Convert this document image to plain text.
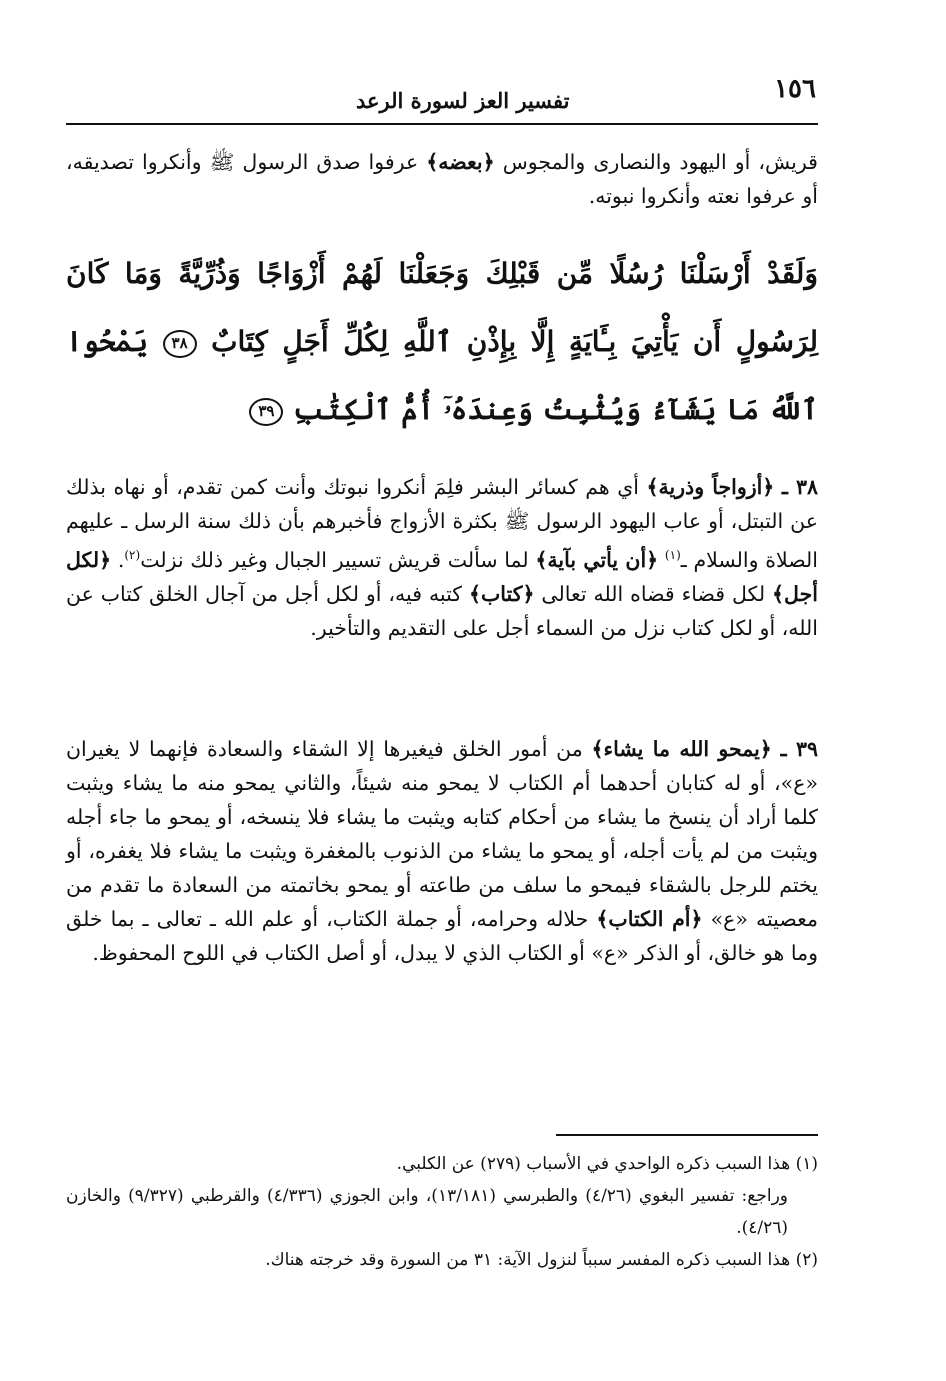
١٥٦
تفسير العز لسورة الرعد

قريش، أو اليهود والنصارى والمجوس ﴿بعضه﴾ عرفوا صدق الرسول ﷺ وأنكروا تصديقه، أو عرفوا نعته وأنكروا نبوته.

وَلَقَدْ أَرْسَلْنَا رُسُلًا مِّن قَبْلِكَ وَجَعَلْنَا لَهُمْ أَزْوَاجًا وَذُرِّيَّةً وَمَا كَانَ لِرَسُولٍ أَن يَأْتِيَ بِـَٔايَةٍ إِلَّا بِإِذْنِ ٱللَّهِ لِكُلِّ أَجَلٍ كِتَابٌ ٣٨ يَمْحُوا ٱللَّهُ مَا يَشَآءُ وَيُثْبِتُ وَعِندَهُۥٓ أُمُّ ٱلْكِتَٰبِ ٣٩

٣٨ ـ ﴿أزواجاً وذرية﴾ أي هم كسائر البشر فلِمَ أنكروا نبوتك وأنت كمن تقدم، أو نهاه بذلك عن التبتل، أو عاب اليهود الرسول ﷺ بكثرة الأزواج فأخبرهم بأن ذلك سنة الرسل ـ عليهم الصلاة والسلام ـ$^{(١)}$ ﴿أن يأتي بآية﴾ لما سألت قريش تسيير الجبال وغير ذلك نزلت$^{(٢)}$. ﴿لكل أجل﴾ لكل قضاء قضاه الله تعالى ﴿كتاب﴾ كتبه فيه، أو لكل أجل من آجال الخلق كتاب عن الله، أو لكل كتاب نزل من السماء أجل على التقديم والتأخير.

٣٩ ـ ﴿يمحو الله ما يشاء﴾ من أمور الخلق فيغيرها إلا الشقاء والسعادة فإنهما لا يغيران «ع»، أو له كتابان أحدهما أم الكتاب لا يمحو منه شيئاً، والثاني يمحو منه ما يشاء ويثبت كلما أراد أن ينسخ ما يشاء من أحكام كتابه ويثبت ما يشاء فلا ينسخه، أو يمحو ما جاء أجله ويثبت من لم يأت أجله، أو يمحو ما يشاء من الذنوب بالمغفرة ويثبت ما يشاء فلا يغفره، أو يختم للرجل بالشقاء فيمحو ما سلف من طاعته أو يمحو بخاتمته من السعادة ما تقدم من معصيته «ع» ﴿أم الكتاب﴾ حلاله وحرامه، أو جملة الكتاب، أو علم الله ـ تعالى ـ بما خلق وما هو خالق، أو الذكر «ع» أو الكتاب الذي لا يبدل، أو أصل الكتاب في اللوح المحفوظ.

(١) هذا السبب ذكره الواحدي في الأسباب (٢٧٩) عن الكلبي.

وراجع: تفسير البغوي (٤/٢٦) والطبرسي (١٣/١٨١)، وابن الجوزي (٤/٣٣٦) والقرطبي (٩/٣٢٧) والخازن (٤/٢٦).

(٢) هذا السبب ذكره المفسر سبباً لنزول الآية: ٣١ من السورة وقد خرجته هناك.
